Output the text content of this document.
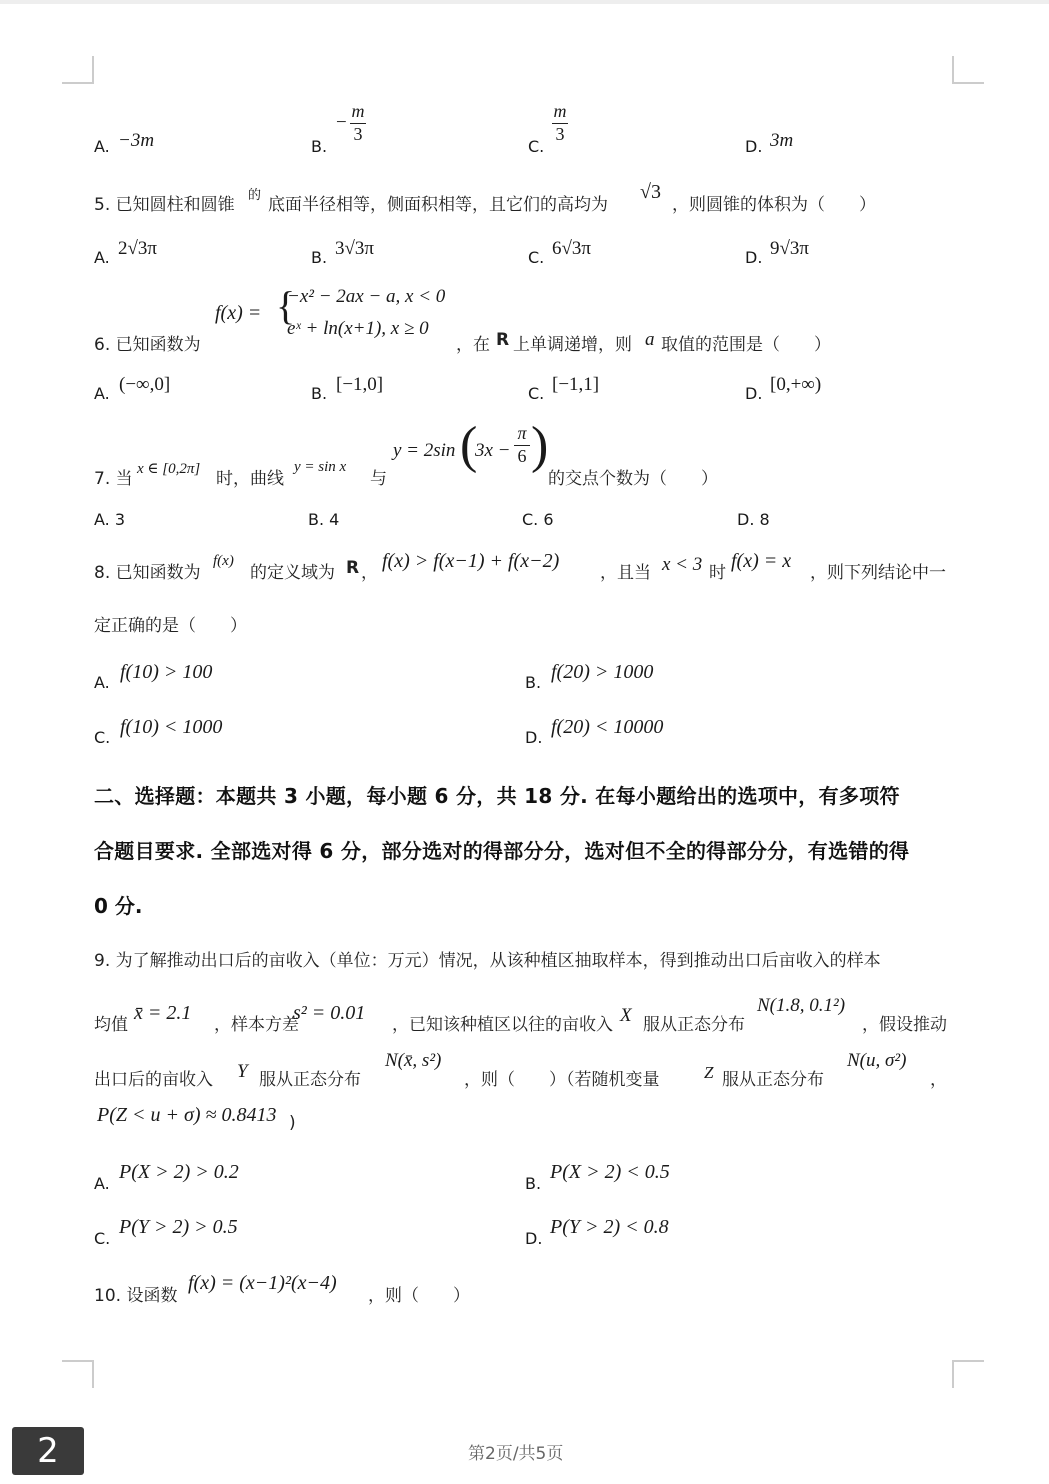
A. −3m	B.
−
m
3
C.
m
3
D. 3m
5. 已知圆柱和圆锥 的 底面半径相等，侧面积相等，且它们的高均为
√3
，则圆锥的体积为（　　）
A. 2√3π	B. 3√3π	C. 6√3π	D. 9√3π
6. 已知函数为
f(x) = {
−x² − 2ax − a, x < 0
eˣ + ln(x+1), x ≥ 0
，在 R 上单调递增，则 a 取值的范围是（　　）
A. (−∞,0]	B. [−1,0]	C. [−1,1]	D. [0,+∞)
7. 当 x ∈ [0,2π] 时，曲线
y = sin x
与
y = 2sin (
3x −
π
6 )
的交点个数为（　　）
A. 3	B. 4	C. 6	D. 8
8. 已知函数为
f(x)
的定义域为 R ，
f(x) > f(x−1) + f(x−2)
，且当 x < 3 时
f(x) = x
，则下列结论中一
定正确的是（　　）
A. f(10) > 100	B. f(20) > 1000
C. f(10) < 1000	D. f(20) < 10000
二、选择题：本题共 3 小题，每小题 6 分，共 18 分. 在每小题给出的选项中，有多项符
合题目要求. 全部选对得 6 分，部分选对的得部分分，选对但不全的得部分分，有选错的得
0 分.
9. 为了解推动出口后的亩收入（单位：万元）情况，从该种植区抽取样本，得到推动出口后亩收入的样本
均值
x̄ = 2.1
，样本方差
s² = 0.01
，已知该种植区以往的亩收入 X 服从正态分布
N(1.8, 0.1²)
，假设推动
出口后的亩收入 Y 服从正态分布
N(x̄, s²)
，则（　　）（若随机变量	Z 服从正态分布
N(u, σ²)
，
P(Z < u + σ) ≈ 0.8413 )
A.
P(X > 2) > 0.2
B.
P(X > 2) < 0.5
C.
P(Y > 2) > 0.5
D.
P(Y > 2) < 0.8
10. 设函数
f(x) = (x−1)²(x−4)
，则（　　）
2	第2页/共5页
